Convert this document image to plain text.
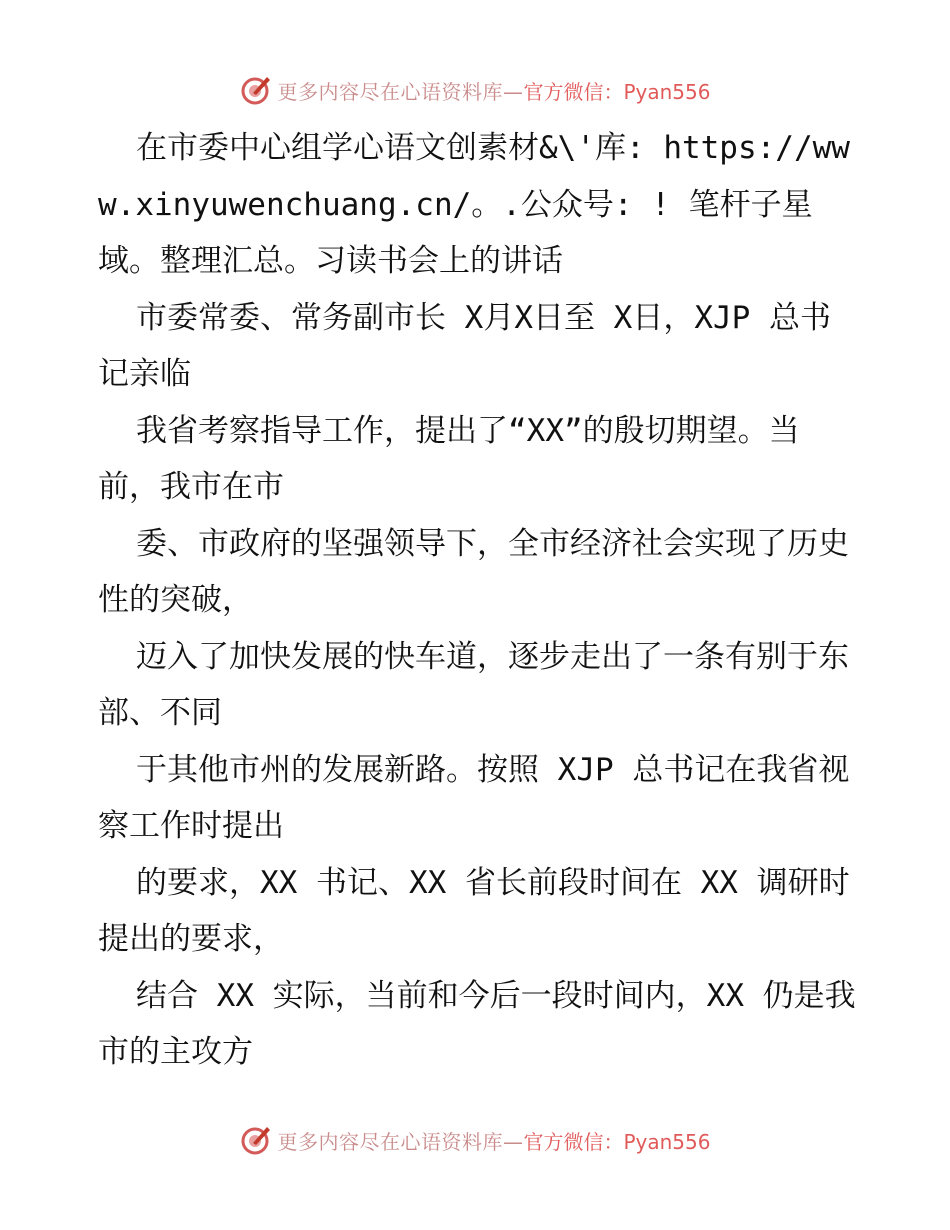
更多内容尽在心语资料库— 官方微信：Pyan556

在市委中心组学心语文创素材&\'库: https://www.xinyuwenchuang.cn/。.公众号: ! 笔杆子星域。整理汇总。习读书会上的讲话

市委常委、常务副市长 X月X日至 X日，XJP 总书记亲临

我省考察指导工作，提出了“XX”的殷切期望。当前，我市在市

委、市政府的坚强领导下，全市经济社会实现了历史性的突破，

迈入了加快发展的快车道，逐步走出了一条有别于东部、不同

于其他市州的发展新路。按照 XJP 总书记在我省视察工作时提出

的要求，XX 书记、XX 省长前段时间在 XX 调研时提出的要求，

结合 XX 实际，当前和今后一段时间内，XX 仍是我市的主攻方

更多内容尽在心语资料库— 官方微信：Pyan556
